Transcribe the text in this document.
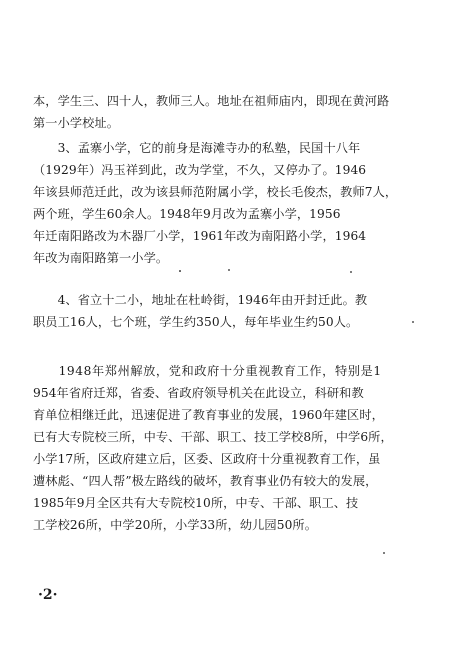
本，学生三、四十人，教师三人。地址在祖师庙内，即现在黄河路
第一小学校址。
　　3、孟寨小学，它的前身是海滩寺办的私塾，民国十八年
（1929年）冯玉祥到此，改为学堂，不久，又停办了。1946
年该县师范迁此，改为该县师范附属小学，校长毛俊杰，教师7人，
两个班，学生60余人。1948年9月改为孟寨小学，1956
年迁南阳路改为木器厂小学，1961年改为南阳路小学，1964
年改为南阳路第一小学。
　　4、省立十二小，地址在杜岭街，1946年由开封迁此。教
职员工16人，七个班，学生约350人，每年毕业生约50人。
　　1948年郑州解放，党和政府十分重视教育工作，特别是1
954年省府迁郑，省委、省政府领导机关在此设立，科研和教
育单位相继迁此，迅速促进了教育事业的发展，1960年建区时，
已有大专院校三所，中专、干部、职工、技工学校8所，中学6所，
小学17所，区政府建立后，区委、区政府十分重视教育工作，虽
遭林彪、“四人帮”极左路线的破坏，教育事业仍有较大的发展，
1985年9月全区共有大专院校10所，中专、干部、职工、技
工学校26所，中学20所，小学33所，幼儿园50所。
·2·
